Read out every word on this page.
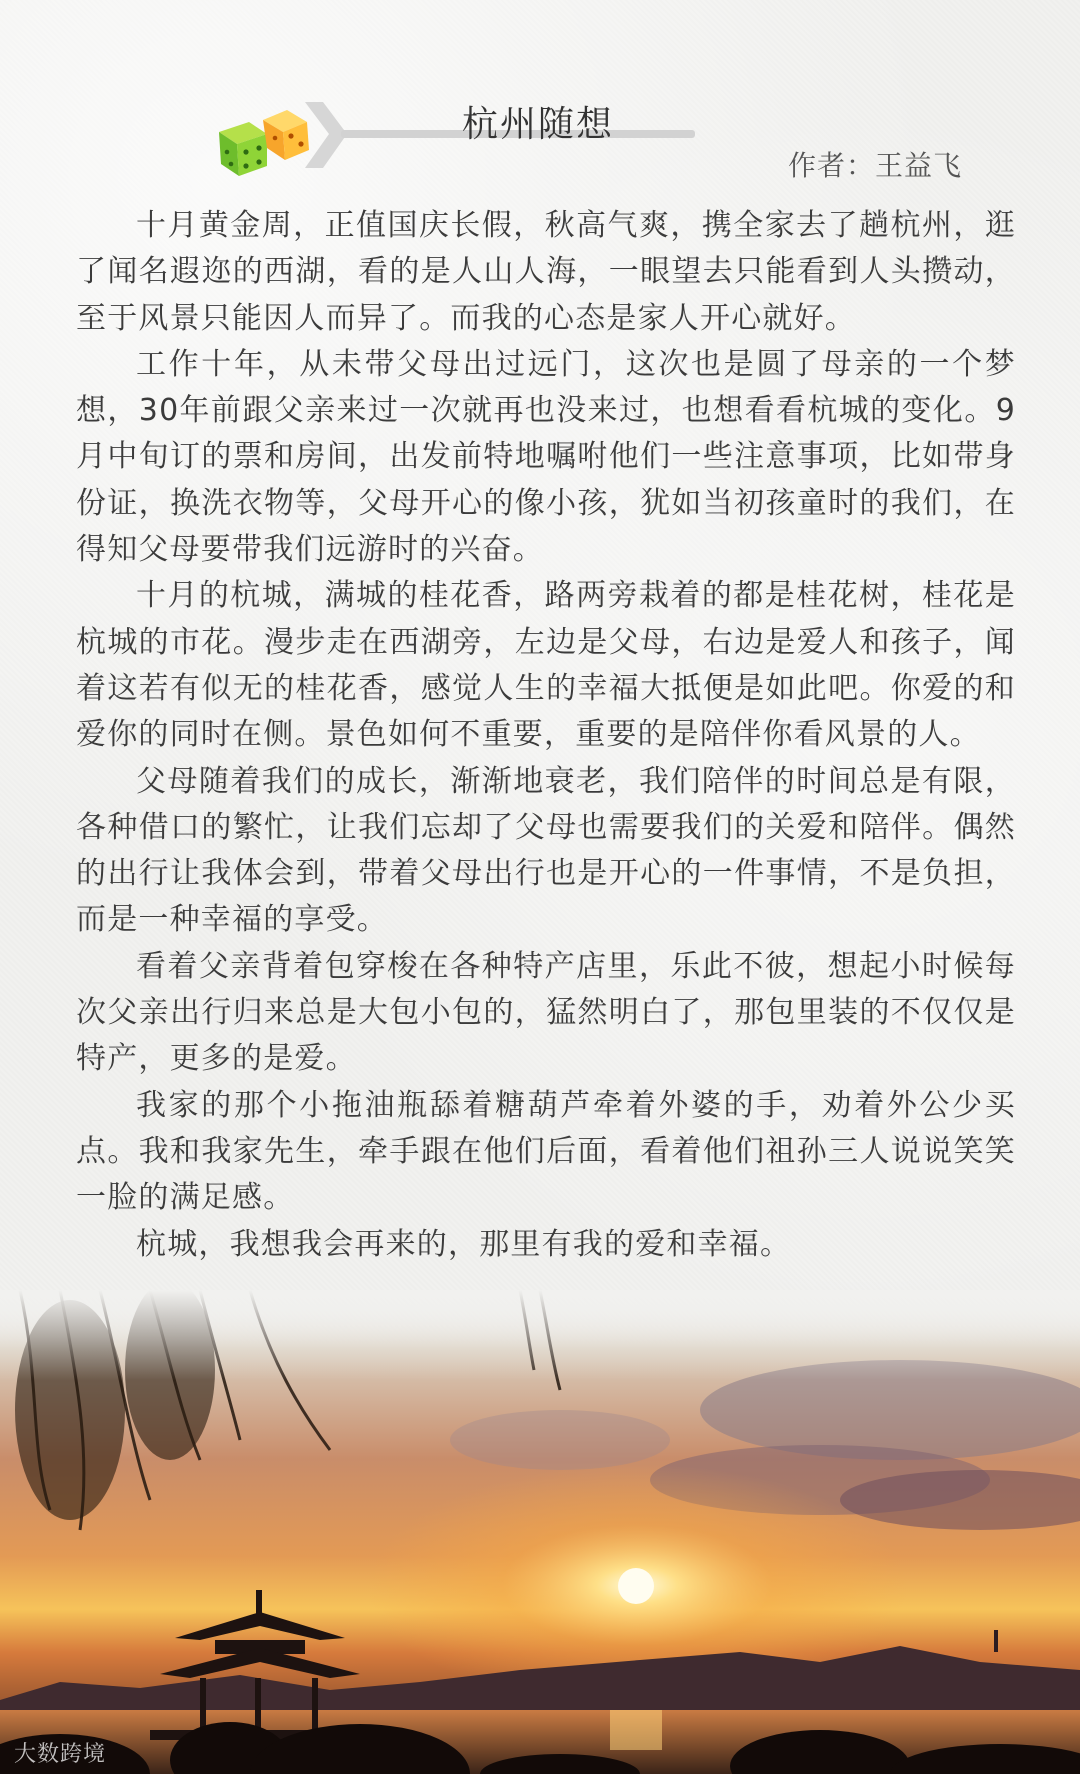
杭州随想
作者：王益飞

十月黄金周，正值国庆长假，秋高气爽，携全家去了趟杭州，逛了闻名遐迩的西湖，看的是人山人海，一眼望去只能看到人头攒动，至于风景只能因人而异了。而我的心态是家人开心就好。

工作十年，从未带父母出过远门，这次也是圆了母亲的一个梦想，30年前跟父亲来过一次就再也没来过，也想看看杭城的变化。9月中旬订的票和房间，出发前特地嘱咐他们一些注意事项，比如带身份证，换洗衣物等，父母开心的像小孩，犹如当初孩童时的我们，在得知父母要带我们远游时的兴奋。

十月的杭城，满城的桂花香，路两旁栽着的都是桂花树，桂花是杭城的市花。漫步走在西湖旁，左边是父母，右边是爱人和孩子，闻着这若有似无的桂花香，感觉人生的幸福大抵便是如此吧。你爱的和爱你的同时在侧。景色如何不重要，重要的是陪伴你看风景的人。

父母随着我们的成长，渐渐地衰老，我们陪伴的时间总是有限，各种借口的繁忙，让我们忘却了父母也需要我们的关爱和陪伴。偶然的出行让我体会到，带着父母出行也是开心的一件事情，不是负担，而是一种幸福的享受。

看着父亲背着包穿梭在各种特产店里，乐此不彼，想起小时候每次父亲出行归来总是大包小包的，猛然明白了，那包里装的不仅仅是特产，更多的是爱。

我家的那个小拖油瓶舔着糖葫芦牵着外婆的手，劝着外公少买点。我和我家先生，牵手跟在他们后面，看着他们祖孙三人说说笑笑一脸的满足感。

杭城，我想我会再来的，那里有我的爱和幸福。

大数跨境
